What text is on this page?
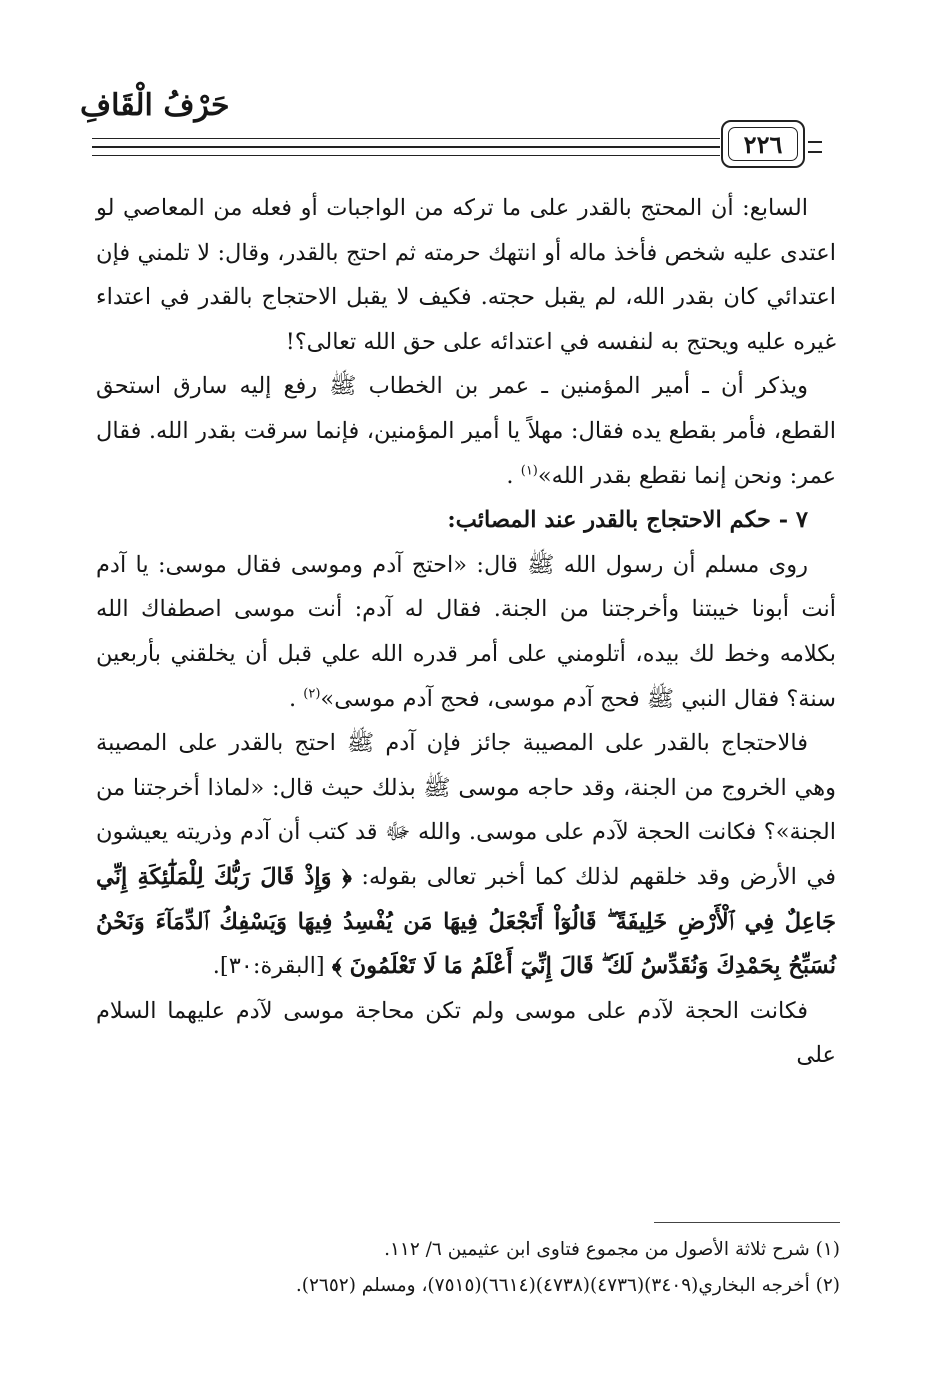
حَرْفُ الْقَافِ
٢٢٦

السابع: أن المحتج بالقدر على ما تركه من الواجبات أو فعله من المعاصي لو اعتدى عليه شخص فأخذ ماله أو انتهك حرمته ثم احتج بالقدر، وقال: لا تلمني فإن اعتدائي كان بقدر الله، لم يقبل حجته. فكيف لا يقبل الاحتجاج بالقدر في اعتداء غيره عليه ويحتج به لنفسه في اعتدائه على حق الله تعالى؟!

ويذكر أن ـ أمير المؤمنين ـ عمر بن الخطاب ﷺ رفع إليه سارق استحق القطع، فأمر بقطع يده فقال: مهلاً يا أمير المؤمنين، فإنما سرقت بقدر الله. فقال عمر: ونحن إنما نقطع بقدر الله»$^{(١)}$ .

٧ - حكم الاحتجاج بالقدر عند المصائب:

روى مسلم أن رسول الله ﷺ قال: «احتج آدم وموسى فقال موسى: يا آدم أنت أبونا خيبتنا وأخرجتنا من الجنة. فقال له آدم: أنت موسى اصطفاك الله بكلامه وخط لك بيده، أتلومني على أمر قدره الله علي قبل أن يخلقني بأربعين سنة؟ فقال النبي ﷺ فحج آدم موسى، فحج آدم موسى»$^{(٢)}$ .

فالاحتجاج بالقدر على المصيبة جائز فإن آدم ﷺ احتج بالقدر على المصيبة وهي الخروج من الجنة، وقد حاجه موسى ﷺ بذلك حيث قال: «لماذا أخرجتنا من الجنة»؟ فكانت الحجة لآدم على موسى. والله ﷻ قد كتب أن آدم وذريته يعيشون في الأرض وقد خلقهم لذلك كما أخبر تعالى بقوله: ﴿ وَإِذْ قَالَ رَبُّكَ لِلْمَلَٰٓئِكَةِ إِنِّي جَاعِلٌ فِي ٱلْأَرْضِ خَلِيفَةً ۖ قَالُوٓاْ أَتَجْعَلُ فِيهَا مَن يُفْسِدُ فِيهَا وَيَسْفِكُ ٱلدِّمَآءَ وَنَحْنُ نُسَبِّحُ بِحَمْدِكَ وَنُقَدِّسُ لَكَ ۖ قَالَ إِنِّيٓ أَعْلَمُ مَا لَا تَعْلَمُونَ ﴾ [البقرة:٣٠].

فكانت الحجة لآدم على موسى ولم تكن محاجة موسى لآدم عليهما السلام على

(١) شرح ثلاثة الأصول من مجموع فتاوى ابن عثيمين ٦/ ١١٢.
(٢) أخرجه البخاري(٣٤٠٩)(٤٧٣٦)(٤٧٣٨)(٦٦١٤)(٧٥١٥)، ومسلم (٢٦٥٢).
